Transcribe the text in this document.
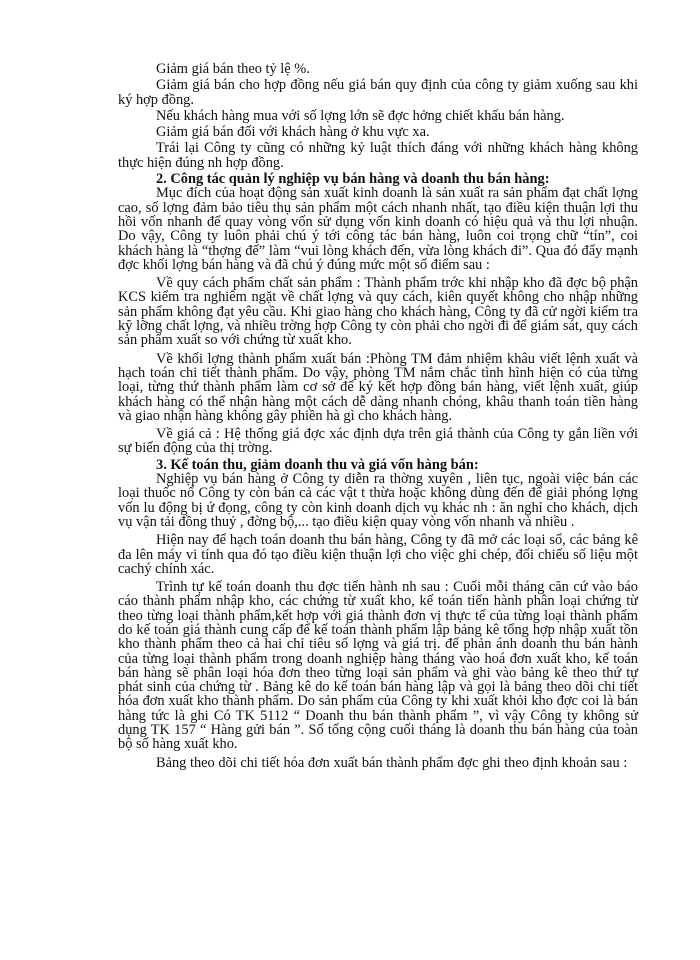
Giảm giá bán theo tỷ lệ %.

Giảm giá bán cho hợp đồng nếu giá bán quy định của công ty giảm xuống sau khi ký hợp đồng.

Nếu khách hàng mua với số lợng lớn sẽ đợc hởng chiết khấu bán hàng.

Giảm giá bán đối với khách hàng ở khu vực xa.

Trái lại Công ty cũng có những kỷ luật thích đáng với những khách hàng không thực hiện đúng nh hợp đồng.

2. Công tác quản lý nghiệp vụ bán hàng và doanh thu bán hàng:

Mục đích của hoạt động sản xuất kinh doanh là sản xuất ra sản phẩm đạt chất lợng cao, số lợng đảm bảo tiêu thụ sản phẩm một cách nhanh nhất, tạo điều kiện thuận lợi thu hồi vốn nhanh để quay vòng vốn sử dụng vốn kinh doanh có hiệu quả và thu lợi nhuận. Do vậy, Công ty luôn phải chú ý tới công tác bán hàng, luôn coi trọng chữ “tín”, coi khách hàng là “thợng đế” làm “vui lòng khách đến, vừa lòng khách đi”. Qua đó đẩy mạnh đợc khối lợng bán hàng và đã chú ý đúng mức một số điểm sau :

Về quy cách phẩm chất sản phẩm : Thành phẩm trớc khi nhập kho đã đợc bộ phận KCS kiểm tra nghiêm ngặt về chất lợng và quy cách, kiên quyết không cho nhập những sản phẩm không đạt yêu cầu. Khi giao hàng cho khách hàng, Công ty đã cử ngời kiểm tra kỹ lỡng chất lợng, và nhiều trờng hợp Công ty còn phải cho ngời đi để giám sát, quy cách sản phẩm xuất so với chứng từ xuất kho.

Về khối lợng thành phẩm xuất bán :Phòng TM đảm nhiệm khâu viết lệnh xuất và hạch toán chi tiết thành phẩm. Do vậy, phòng TM nắm chắc tình hình hiện có của từng loại, từng thứ thành phẩm làm cơ sở để ký kết hợp đồng bán hàng, viết lệnh xuất, giúp khách hàng có thể nhận hàng một cách dễ dàng nhanh chóng, khâu thanh toán tiền hàng và giao nhận hàng không gây phiền hà gì cho khách hàng.

Về giá cả : Hệ thống giá đợc xác định dựa trên giá thành của Công ty gắn liền với sự biến động của thị trờng.

3. Kế toán thu, giảm doanh thu và giá vốn hàng bán:

Nghiệp vụ bán hàng ở Công ty diễn ra thờng xuyên , liên tục, ngoài việc bán các loại thuốc nổ Công ty còn bán cả các vật t thừa hoặc không dùng đến để giải phóng lợng vốn lu động bị ứ đọng, công ty còn kinh doanh dịch vụ khác nh : ăn nghỉ cho khách, dịch vụ vận tải đồng thuỷ , đờng bộ,... tạo điều kiện quay vòng vốn nhanh và nhiều .

Hiện nay để hạch toán doanh thu bán hàng, Công ty đã mở các loại sổ, các bảng kê đa lên máy vi tính qua đó tạo điều kiện thuận lợi cho việc ghi chép, đối chiếu số liệu một cachý chính xác.

Trình tự kế toán doanh thu đợc tiến hành nh sau : Cuối mỗi tháng căn cứ vào báo cáo thành phẩm nhập kho, các chứng từ xuất kho, kế toán tiến hành phân loại chứng từ theo từng loại thành phẩm,kết hợp với giá thành đơn vị thực tế của từng loại thành phẩm do kế toán giá thành cung cấp để kế toán thành phẩm lập bảng kê tổng hợp nhập xuất tồn kho thành phẩm theo cả hai chỉ tiêu số lợng và giá trị. để phản ánh doanh thu bán hành của từng loại thành phẩm trong doanh nghiệp hàng tháng vào hoá đơn xuất kho, kế toán bán hàng sẽ phân loại hóa đơn theo từng loại sản phẩm và ghi vào bảng kê theo thứ tự phát sinh của chứng từ . Bảng kê do kế toán bán hàng lập và gọi là bảng theo dõi chi tiết hóa đơn xuất kho thành phẩm. Do sản phẩm của Công ty khi xuất khỏi kho đợc coi là bán hàng tức là ghi Có TK 5112 “ Doanh thu bán thành phẩm ”, vì vậy Công ty không sử dụng TK 157 “ Hàng gửi bán ”. Số tổng cộng cuối tháng là doanh thu bán hàng của toàn bộ số hàng xuất kho.

Bảng theo dõi chi tiết hóa đơn xuất bán thành phẩm đợc ghi theo định khoản sau :
